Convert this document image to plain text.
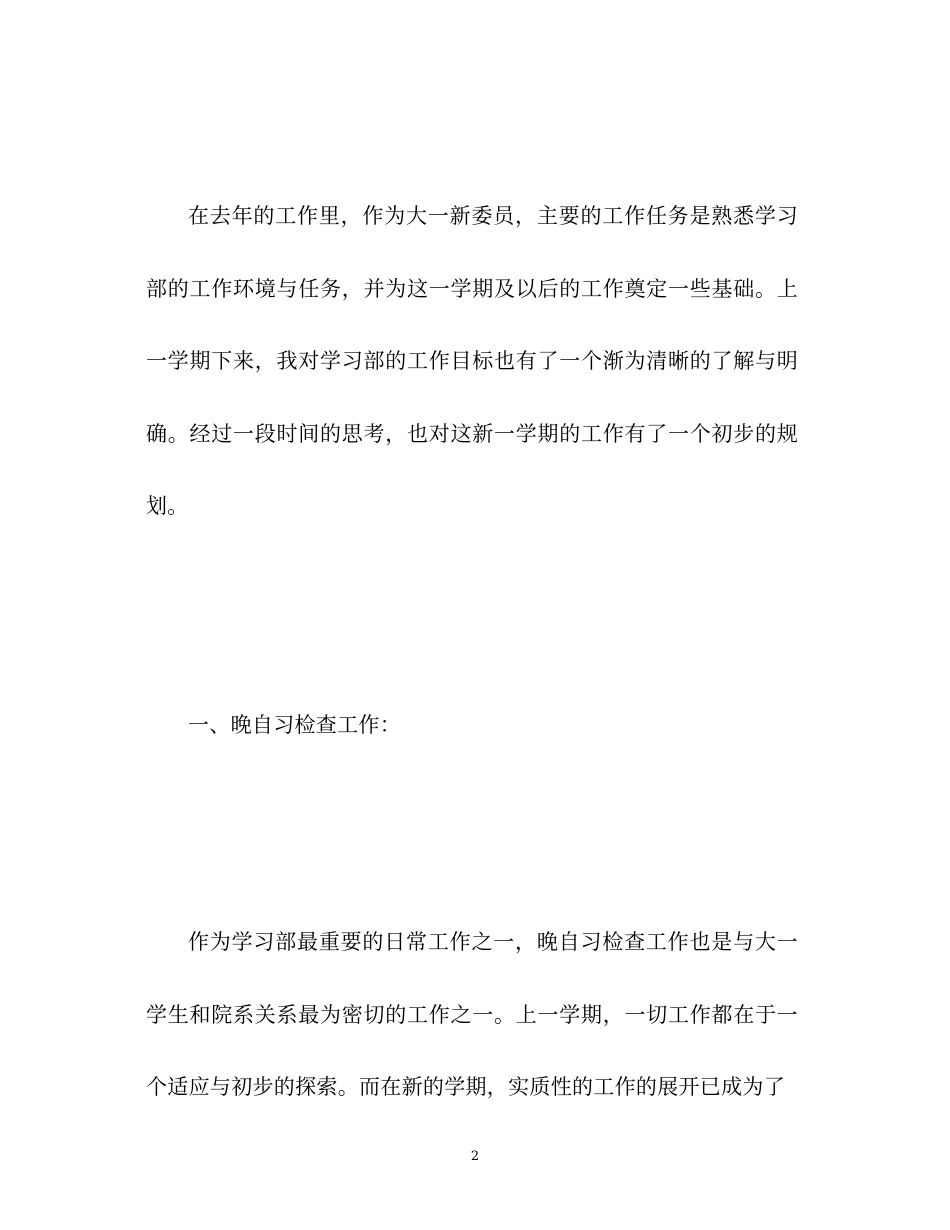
在去年的工作里，作为大一新委员，主要的工作任务是熟悉学习部的工作环境与任务，并为这一学期及以后的工作奠定一些基础。上一学期下来，我对学习部的工作目标也有了一个渐为清晰的了解与明确。经过一段时间的思考，也对这新一学期的工作有了一个初步的规划。

一、晚自习检查工作：

作为学习部最重要的日常工作之一，晚自习检查工作也是与大一学生和院系关系最为密切的工作之一。上一学期，一切工作都在于一个适应与初步的探索。而在新的学期，实质性的工作的展开已成为了

2
